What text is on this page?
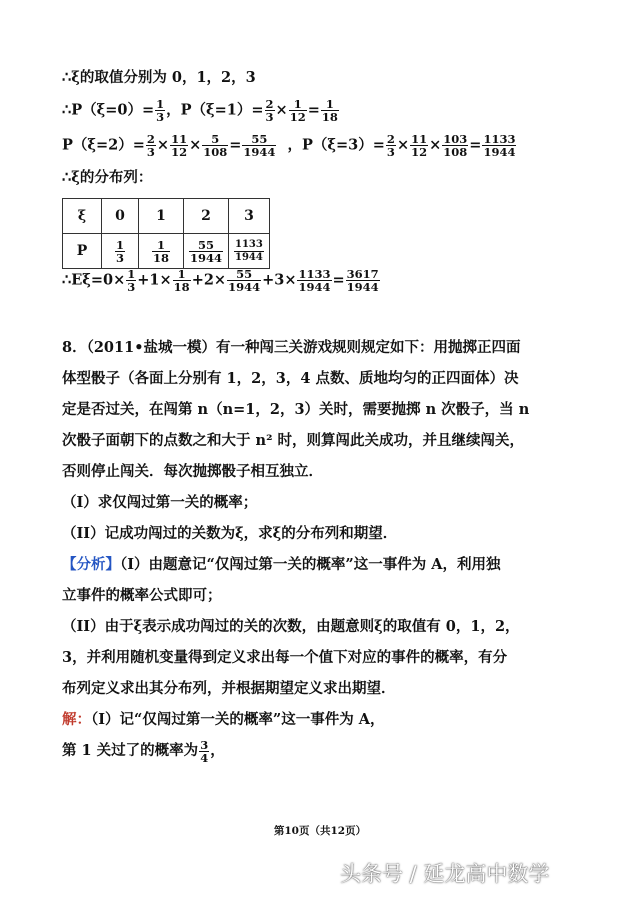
∴ξ的取值分别为 0，1，2，3
∴P（ξ=0）= $\frac{1}{3}$ ，$P(\xi=1)= \frac{2}{3} \times \frac{1}{12} = \frac{1}{18}$
$P(\xi=2)= \frac{2}{3} \times \frac{11}{12} \times \frac{5}{108} = \frac{55}{1944}$ ，$P(\xi=3)= \frac{2}{3} \times \frac{11}{12} \times \frac{103}{108} = \frac{1133}{1944}$
∴ξ的分布列：
ξ	0	1	2	3
P	$\frac{1}{3}$	$\frac{1}{18}$	$\frac{55}{1944}$	$\frac{1133}{1944}$
∴Eξ=0× $\frac{1}{3} +1\times \frac{1}{18} +2\times \frac{55}{1944} +3\times \frac{1133}{1944} = \frac{3617}{1944}$
8．（2011•盐城一模）有一种闯三关游戏规则规定如下：用抛掷正四面
体型骰子（各面上分别有 1，2，3，4 点数、质地均匀的正四面体）决
定是否过关，在闯第 n（n=1，2，3）关时，需要抛掷 n 次骰子，当 n
次骰子面朝下的点数之和大于 n² 时，则算闯此关成功，并且继续闯关，
否则停止闯关．每次抛掷骰子相互独立．
（I）求仅闯过第一关的概率；
（II）记成功闯过的关数为ξ，求ξ的分布列和期望．
【分析】（I）由题意记“仅闯过第一关的概率”这一事件为 A，利用独
立事件的概率公式即可；
（II）由于ξ表示成功闯过的关的次数，由题意则ξ的取值有 0，1，2，
3，并利用随机变量得到定义求出每一个值下对应的事件的概率，有分
布列定义求出其分布列，并根据期望定义求出期望．
解：（I）记“仅闯过第一关的概率”这一事件为 A，
第 1 关过了的概率为 $\frac{3}{4}$ ，
第10页（共12页）
头条号 / 延龙高中数学
